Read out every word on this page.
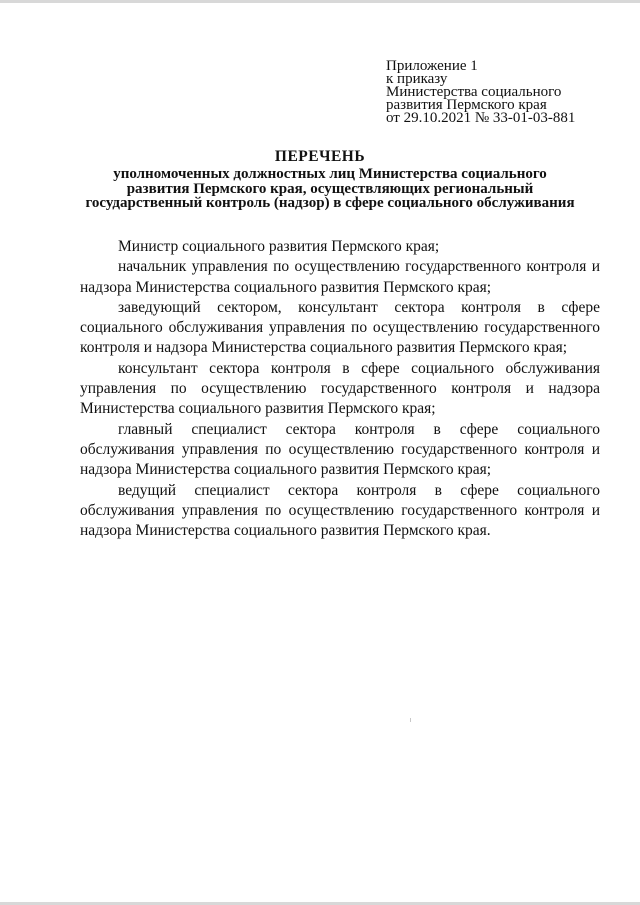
Приложение 1
к приказу
Министерства социального
развития Пермского края
от 29.10.2021 № 33-01-03-881
ПЕРЕЧЕНЬ
уполномоченных должностных лиц Министерства социального
развития Пермского края, осуществляющих региональный
государственный контроль (надзор) в сфере социального обслуживания

Министр социального развития Пермского края;

начальник управления по осуществлению государственного контроля и надзора Министерства социального развития Пермского края;

заведующий сектором, консультант сектора контроля в сфере социального обслуживания управления по осуществлению государственного контроля и надзора Министерства социального развития Пермского края;

консультант сектора контроля в сфере социального обслуживания управления по осуществлению государственного контроля и надзора Министерства социального развития Пермского края;

главный специалист сектора контроля в сфере социального обслуживания управления по осуществлению государственного контроля и надзора Министерства социального развития Пермского края;

ведущий специалист сектора контроля в сфере социального обслуживания управления по осуществлению государственного контроля и надзора Министерства социального развития Пермского края.
